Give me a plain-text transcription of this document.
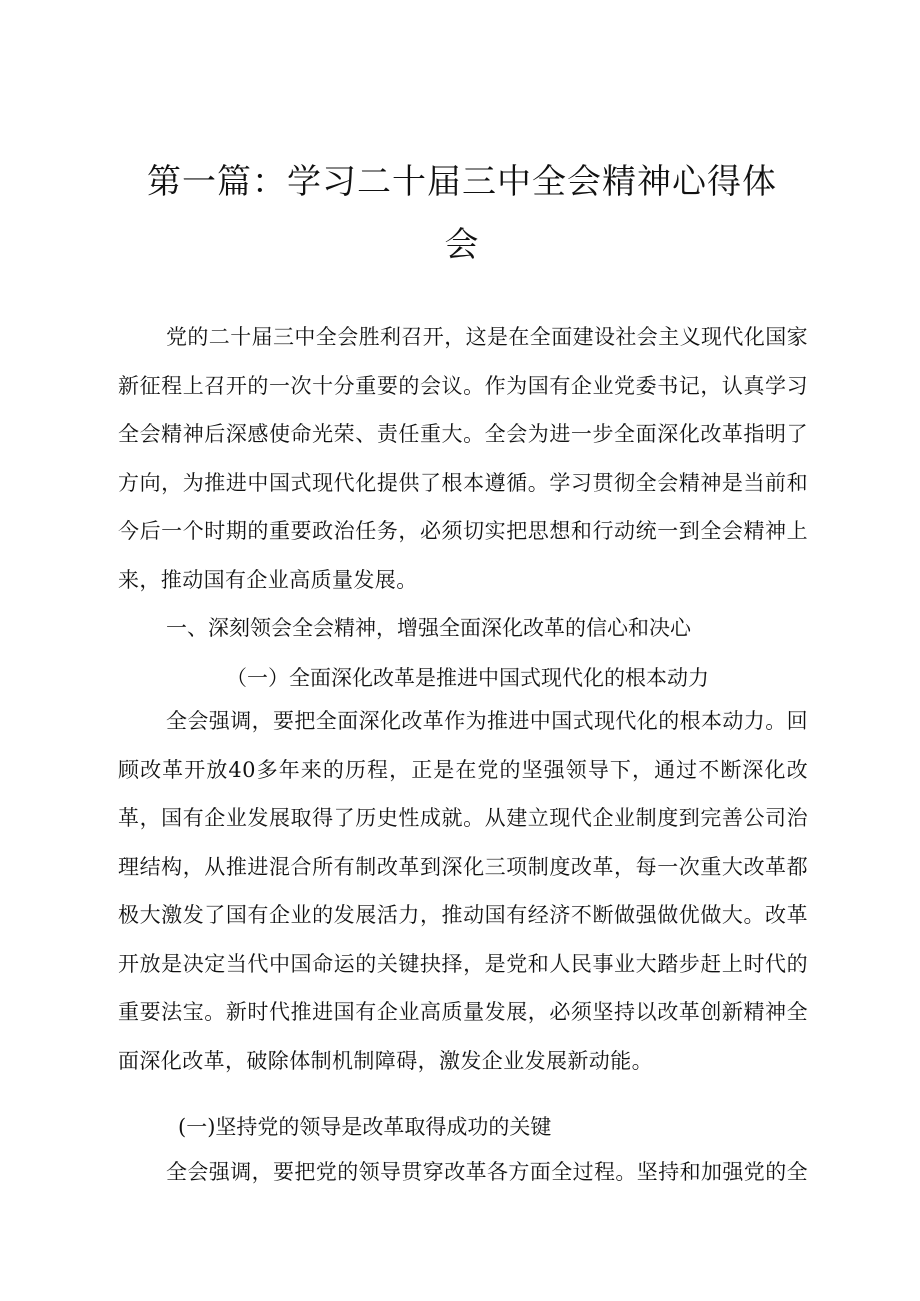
第一篇：学习二十届三中全会精神心得体
会
党的二十届三中全会胜利召开，这是在全面建设社会主义现代化国家新征程上召开的一次十分重要的会议。作为国有企业党委书记，认真学习全会精神后深感使命光荣、责任重大。全会为进一步全面深化改革指明了方向，为推进中国式现代化提供了根本遵循。学习贯彻全会精神是当前和今后一个时期的重要政治任务，必须切实把思想和行动统一到全会精神上来，推动国有企业高质量发展。
一、深刻领会全会精神，增强全面深化改革的信心和决心
（一）全面深化改革是推进中国式现代化的根本动力
全会强调，要把全面深化改革作为推进中国式现代化的根本动力。回顾改革开放40多年来的历程，正是在党的坚强领导下，通过不断深化改革，国有企业发展取得了历史性成就。从建立现代企业制度到完善公司治理结构，从推进混合所有制改革到深化三项制度改革，每一次重大改革都极大激发了国有企业的发展活力，推动国有经济不断做强做优做大。改革开放是决定当代中国命运的关键抉择，是党和人民事业大踏步赶上时代的重要法宝。新时代推进国有企业高质量发展，必须坚持以改革创新精神全面深化改革，破除体制机制障碍，激发企业发展新动能。
(一)坚持党的领导是改革取得成功的关键
全会强调，要把党的领导贯穿改革各方面全过程。坚持和加强党的全
